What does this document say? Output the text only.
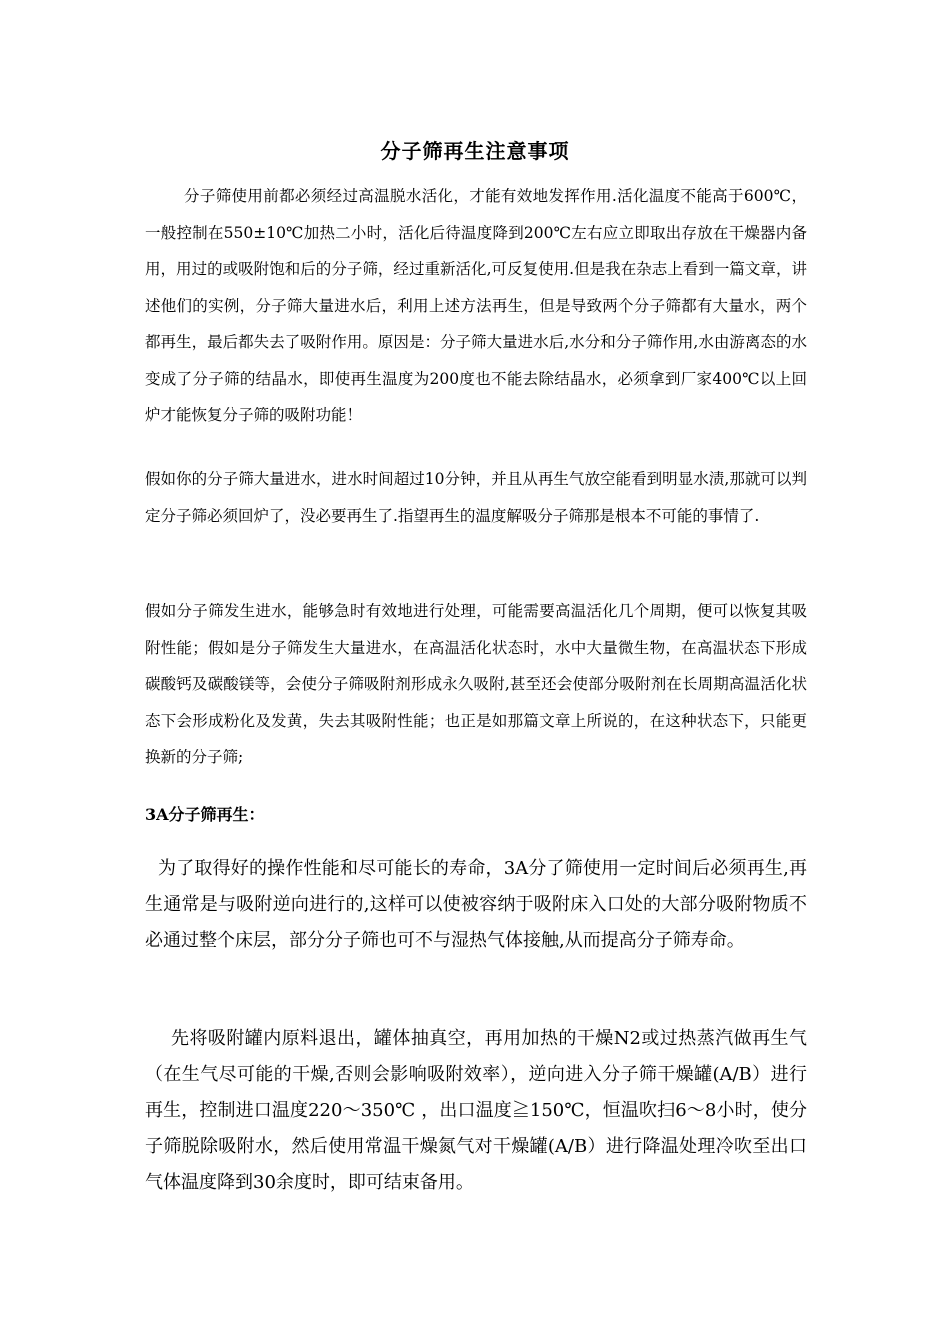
分子筛再生注意事项

分子筛使用前都必须经过高温脱水活化，才能有效地发挥作用.活化温度不能高于600℃，一般控制在550±10℃加热二小时，活化后待温度降到200℃左右应立即取出存放在干燥器内备用，用过的或吸附饱和后的分子筛，经过重新活化,可反复使用.但是我在杂志上看到一篇文章，讲述他们的实例，分子筛大量进水后，利用上述方法再生，但是导致两个分子筛都有大量水，两个都再生，最后都失去了吸附作用。原因是：分子筛大量进水后,水分和分子筛作用,水由游离态的水变成了分子筛的结晶水，即使再生温度为200度也不能去除结晶水，必须拿到厂家400℃以上回炉才能恢复分子筛的吸附功能！

假如你的分子筛大量进水，进水时间超过10分钟，并且从再生气放空能看到明显水渍,那就可以判定分子筛必须回炉了，没必要再生了.指望再生的温度解吸分子筛那是根本不可能的事情了.

假如分子筛发生进水，能够急时有效地进行处理，可能需要高温活化几个周期，便可以恢复其吸附性能；假如是分子筛发生大量进水，在高温活化状态时，水中大量微生物，在高温状态下形成碳酸钙及碳酸镁等，会使分子筛吸附剂形成永久吸附,甚至还会使部分吸附剂在长周期高温活化状态下会形成粉化及发黄，失去其吸附性能；也正是如那篇文章上所说的，在这种状态下，只能更换新的分子筛;

3A分子筛再生：

为了取得好的操作性能和尽可能长的寿命，3A分了筛使用一定时间后必须再生,再生通常是与吸附逆向进行的,这样可以使被容纳于吸附床入口处的大部分吸附物质不必通过整个床层，部分分子筛也可不与湿热气体接触,从而提高分子筛寿命。

先将吸附罐内原料退出，罐体抽真空，再用加热的干燥N2或过热蒸汽做再生气（在生气尽可能的干燥,否则会影响吸附效率），逆向进入分子筛干燥罐(A/B）进行再生，控制进口温度220～350℃ ，出口温度≧150℃，恒温吹扫6～8小时，使分子筛脱除吸附水，然后使用常温干燥氮气对干燥罐(A/B）进行降温处理冷吹至出口气体温度降到30余度时，即可结束备用。
